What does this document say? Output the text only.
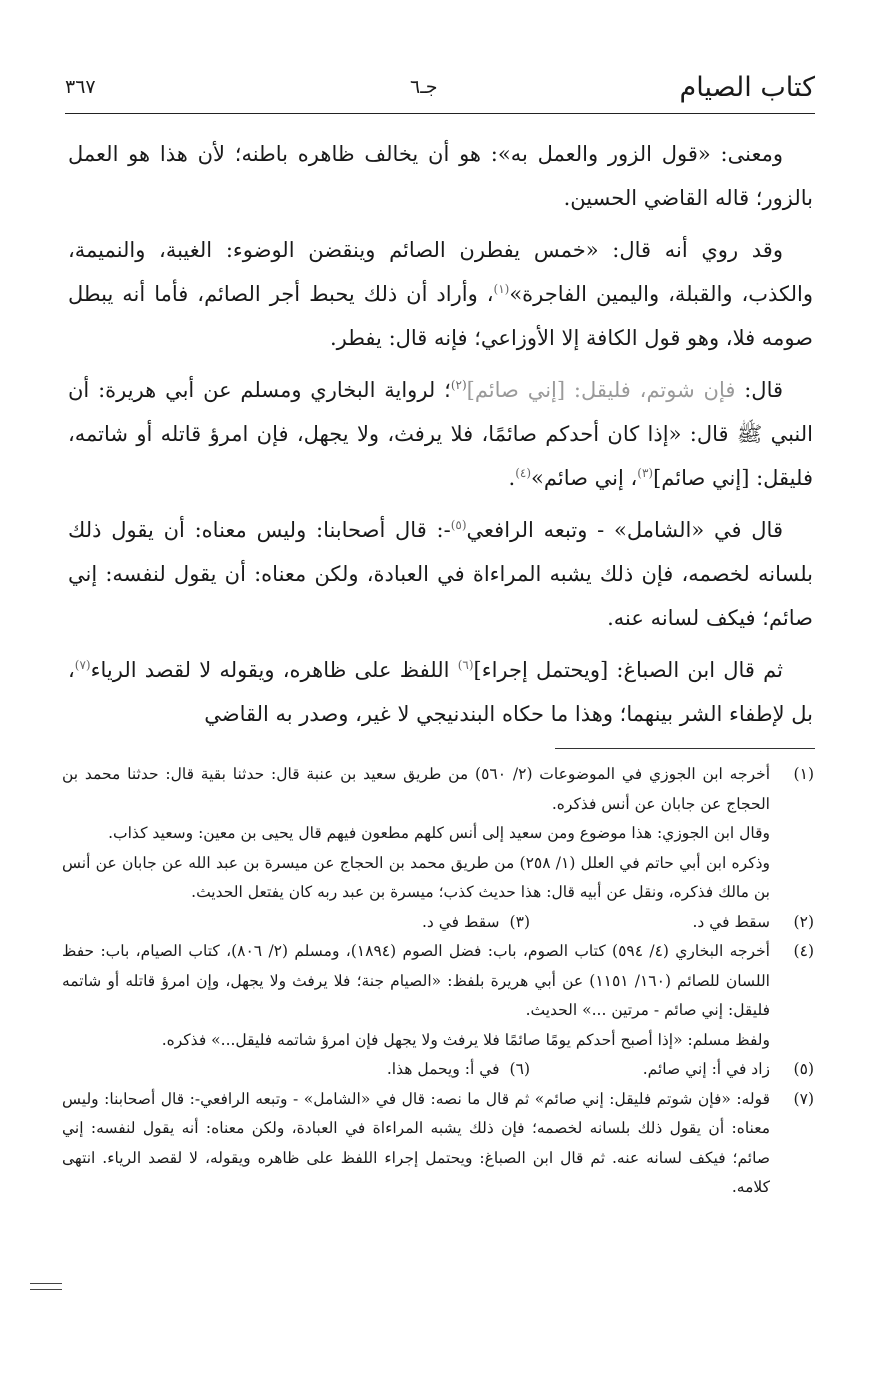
كتاب الصيام
جـ٦
٣٦٧

ومعنى: «قول الزور والعمل به»: هو أن يخالف ظاهره باطنه؛ لأن هذا هو العمل بالزور؛ قاله القاضي الحسين.

وقد روي أنه قال: «خمس يفطرن الصائم وينقضن الوضوء: الغيبة، والنميمة، والكذب، والقبلة، واليمين الفاجرة»$^{(١)}$، وأراد أن ذلك يحبط أجر الصائم، فأما أنه يبطل صومه فلا، وهو قول الكافة إلا الأوزاعي؛ فإنه قال: يفطر.

قال: فإن شوتم، فليقل: [إني صائم]$^{(٢)}$؛ لرواية البخاري ومسلم عن أبي هريرة: أن النبي ﷺ قال: «إذا كان أحدكم صائمًا، فلا يرفث، ولا يجهل، فإن امرؤ قاتله أو شاتمه، فليقل: [إني صائم]$^{(٣)}$، إني صائم»$^{(٤)}$.

قال في «الشامل» - وتبعه الرافعي$^{(٥)}$-: قال أصحابنا: وليس معناه: أن يقول ذلك بلسانه لخصمه، فإن ذلك يشبه المراءاة في العبادة، ولكن معناه: أن يقول لنفسه: إني صائم؛ فيكف لسانه عنه.

ثم قال ابن الصباغ: [ويحتمل إجراء]$^{(٦)}$ اللفظ على ظاهره، ويقوله لا لقصد الرياء$^{(٧)}$، بل لإطفاء الشر بينهما؛ وهذا ما حكاه البندنيجي لا غير، وصدر به القاضي

(١)
أخرجه ابن الجوزي في الموضوعات (٢/ ٥٦٠) من طريق سعيد بن عنبة قال: حدثنا بقية قال: حدثنا محمد بن الحجاج عن جابان عن أنس فذكره.
وقال ابن الجوزي: هذا موضوع ومن سعيد إلى أنس كلهم مطعون فيهم قال يحيى بن معين: وسعيد كذاب.
وذكره ابن أبي حاتم في العلل (١/ ٢٥٨) من طريق محمد بن الحجاج عن ميسرة بن عبد الله عن جابان عن أنس بن مالك فذكره، ونقل عن أبيه قال: هذا حديث كذب؛ ميسرة بن عبد ربه كان يفتعل الحديث.
(٢)
سقط في د.
(٣)سقط في د.
(٤)
أخرجه البخاري (٤/ ٥٩٤) كتاب الصوم، باب: فضل الصوم (١٨٩٤)، ومسلم (٢/ ٨٠٦)، كتاب الصيام، باب: حفظ اللسان للصائم (١٦٠/ ١١٥١) عن أبي هريرة بلفظ: «الصيام جنة؛ فلا يرفث ولا يجهل، وإن امرؤ قاتله أو شاتمه فليقل: إني صائم - مرتين ...» الحديث.
ولفظ مسلم: «إذا أصبح أحدكم يومًا صائمًا فلا يرفث ولا يجهل فإن امرؤ شاتمه فليقل...» فذكره.
(٥)
زاد في أ: إني صائم.
(٦)في أ: ويحمل هذا.
(٧)
قوله: «فإن شوتم فليقل: إني صائم» ثم قال ما نصه: قال في «الشامل» - وتبعه الرافعي-: قال أصحابنا: وليس معناه: أن يقول ذلك بلسانه لخصمه؛ فإن ذلك يشبه المراءاة في العبادة، ولكن معناه: أنه يقول لنفسه: إني صائم؛ فيكف لسانه عنه. ثم قال ابن الصباغ: ويحتمل إجراء اللفظ على ظاهره ويقوله، لا لقصد الرياء. انتهى كلامه.
